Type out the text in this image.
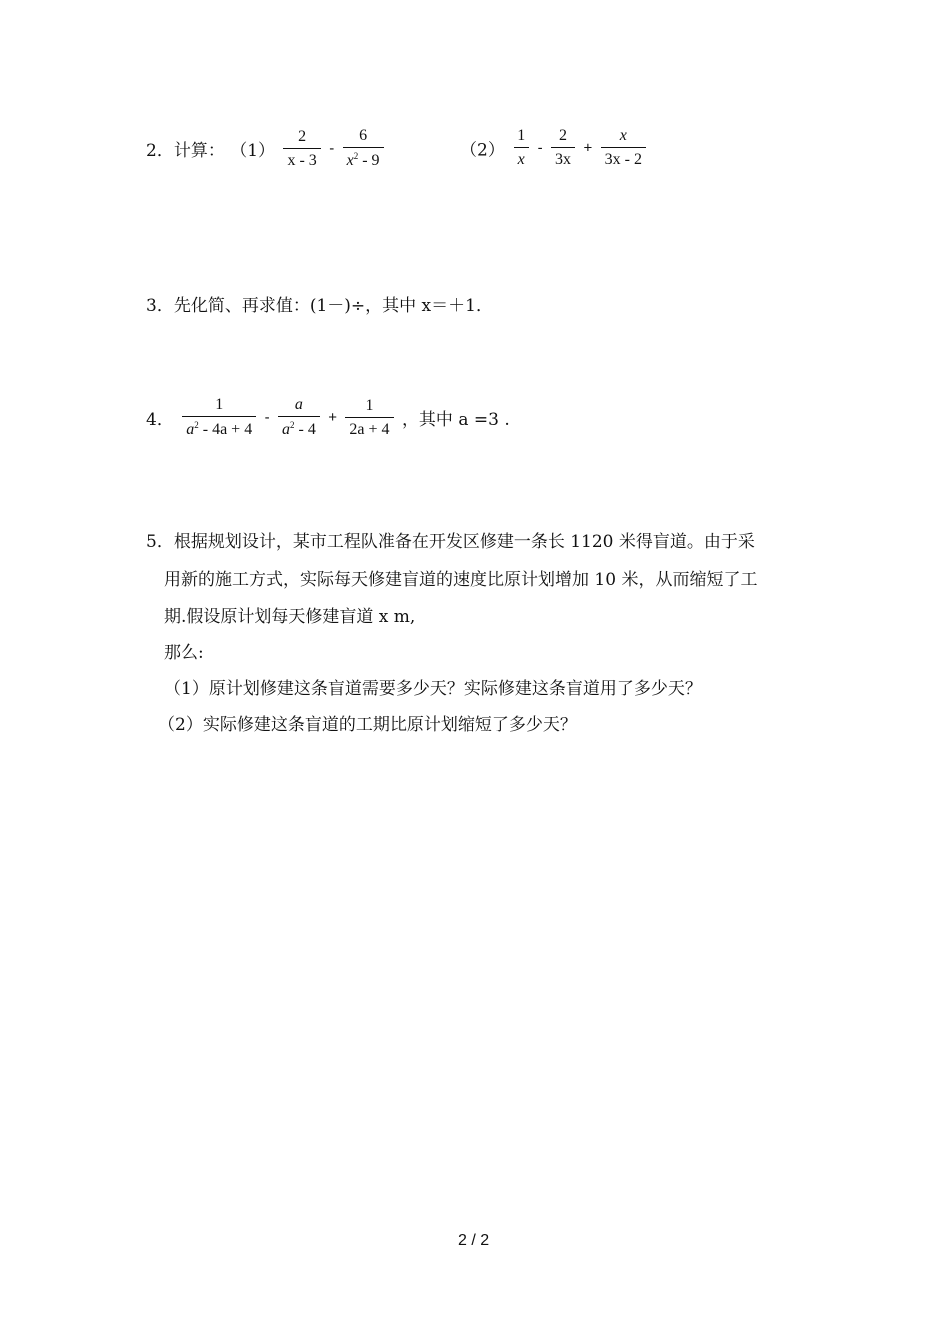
2．计算： $(1) \frac{2}{x - 3} - \frac{6}{x^2 - 9}$	$(2) \frac{1}{x} - \frac{2}{3x} + \frac{x}{3x - 2}$
3．先化简、再求值：(1－)÷，其中 x＝＋1．
4． $\frac{1}{a^2 - 4a + 4} - \frac{a}{a^2 - 4} + \frac{1}{2a + 4}$ ，其中 a =3 .
5．根据规划设计，某市工程队准备在开发区修建一条长 1120 米得盲道。由于采
用新的施工方式，实际每天修建盲道的速度比原计划增加 10 米，从而缩短了工
期.假设原计划每天修建盲道 x m,
那么:
（1）原计划修建这条盲道需要多少天？实际修建这条盲道用了多少天？
（2）实际修建这条盲道的工期比原计划缩短了多少天？
2 / 2
